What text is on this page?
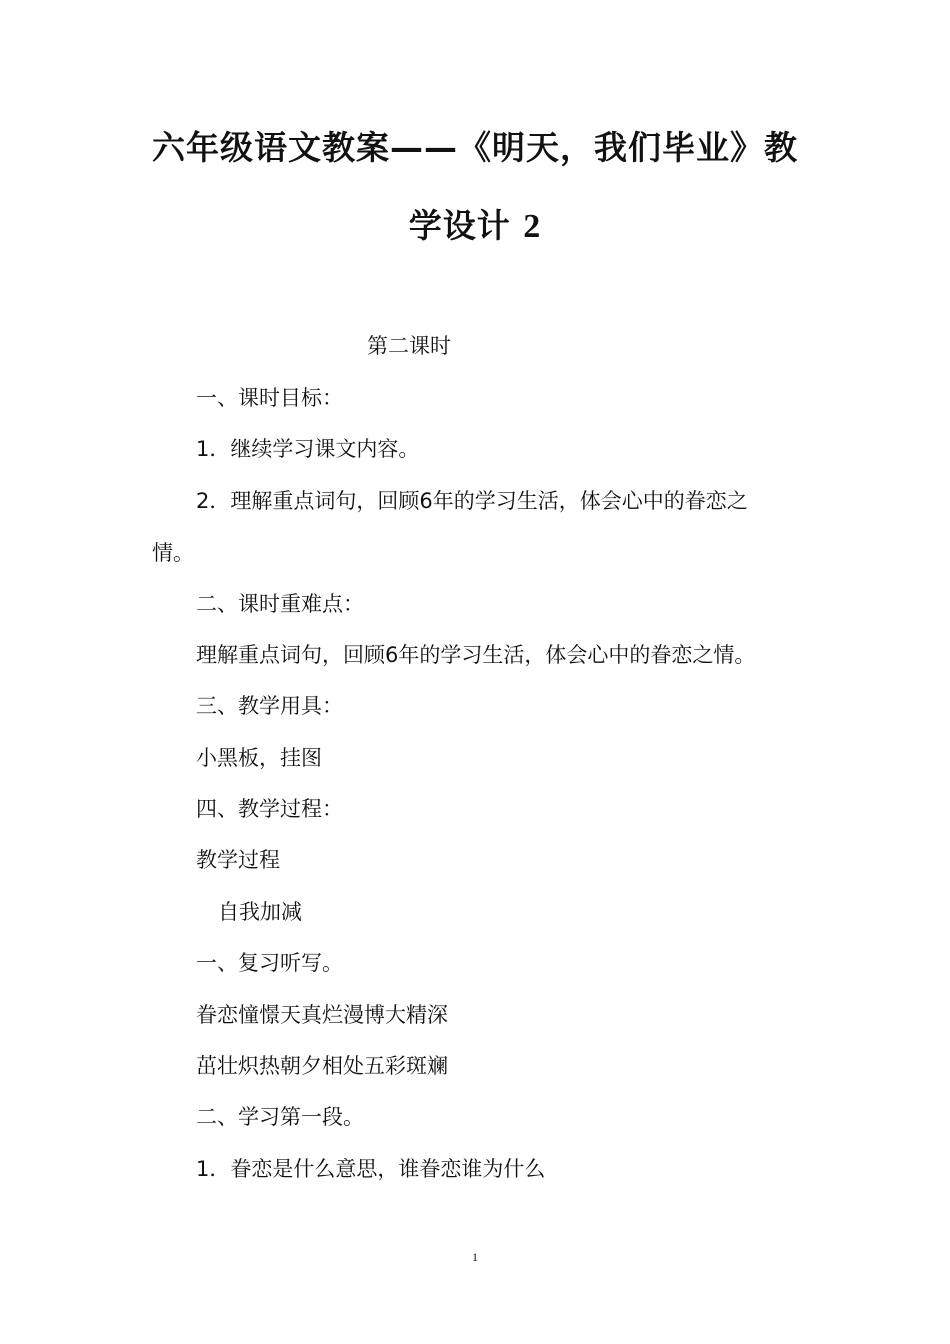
六年级语文教案——《明天，我们毕业》教
学设计 2
第二课时
一、课时目标：
1．继续学习课文内容。
2．理解重点词句，回顾6年的学习生活，体会心中的眷恋之
情。
二、课时重难点：
理解重点词句，回顾6年的学习生活，体会心中的眷恋之情。
三、教学用具：
小黑板，挂图
四、教学过程：
教学过程
自我加减
一、复习听写。
眷恋憧憬天真烂漫博大精深
茁壮炽热朝夕相处五彩斑斓
二、学习第一段。
1．眷恋是什么意思，谁眷恋谁为什么
1
